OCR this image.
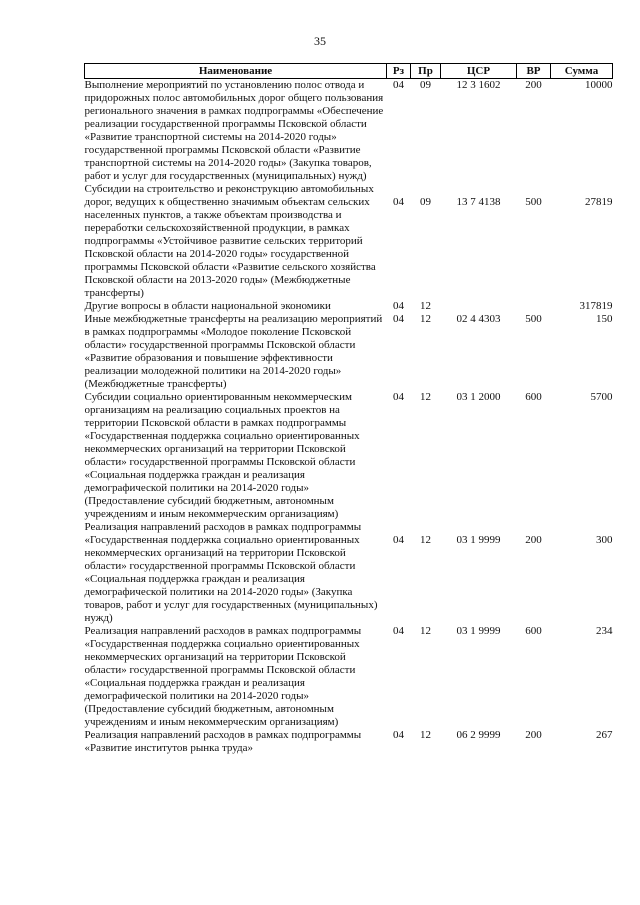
35
Наименование	Рз	Пр	ЦСР	ВР	Сумма
Выполнение мероприятий по установлению полос отвода и придорожных полос автомобильных дорог общего пользования регионального значения в рамках подпрограммы «Обеспечение реализации государственной программы Псковской области «Развитие транспортной системы на 2014-2020 годы» государственной программы Псковской области «Развитие транспортной системы на 2014-2020 годы» (Закупка товаров, работ и услуг для государственных (муниципальных) нужд)	04	09	12 3 1602	200	10000
Субсидии на строительство и реконструкцию автомобильных дорог, ведущих к общественно значимым объектам сельских населенных пунктов, а также объектам производства и переработки сельскохозяйственной продукции, в рамках подпрограммы «Устойчивое развитие сельских территорий Псковской области на 2014-2020 годы» государственной программы Псковской области «Развитие сельского хозяйства Псковской области на 2013-2020 годы» (Межбюджетные трансферты)	04	09	13 7 4138	500	27819
Другие вопросы в области национальной экономики	04	12			317819
Иные межбюджетные трансферты на реализацию мероприятий в рамках подпрограммы «Молодое поколение Псковской области» государственной программы Псковской области «Развитие образования и повышение эффективности реализации молодежной политики на 2014-2020 годы» (Межбюджетные трансферты)	04	12	02 4 4303	500	150
Субсидии социально ориентированным некоммерческим организациям на реализацию социальных проектов на территории Псковской области в рамках подпрограммы «Государственная поддержка социально ориентированных некоммерческих организаций на территории Псковской области» государственной программы Псковской области «Социальная поддержка граждан и реализация демографической политики на 2014-2020 годы» (Предоставление субсидий бюджетным, автономным учреждениям и иным некоммерческим организациям)	04	12	03 1 2000	600	5700
Реализация направлений расходов в рамках подпрограммы «Государственная поддержка социально ориентированных некоммерческих организаций на территории Псковской области» государственной программы Псковской области «Социальная поддержка граждан и реализация демографической политики на 2014-2020 годы» (Закупка товаров, работ и услуг для государственных (муниципальных) нужд)	04	12	03 1 9999	200	300
Реализация направлений расходов в рамках подпрограммы «Государственная поддержка социально ориентированных некоммерческих организаций на территории Псковской области» государственной программы Псковской области «Социальная поддержка граждан и реализация демографической политики на 2014-2020 годы» (Предоставление субсидий бюджетным, автономным учреждениям и иным некоммерческим организациям)	04	12	03 1 9999	600	234
Реализация направлений расходов в рамках подпрограммы «Развитие институтов рынка труда»	04	12	06 2 9999	200	267
